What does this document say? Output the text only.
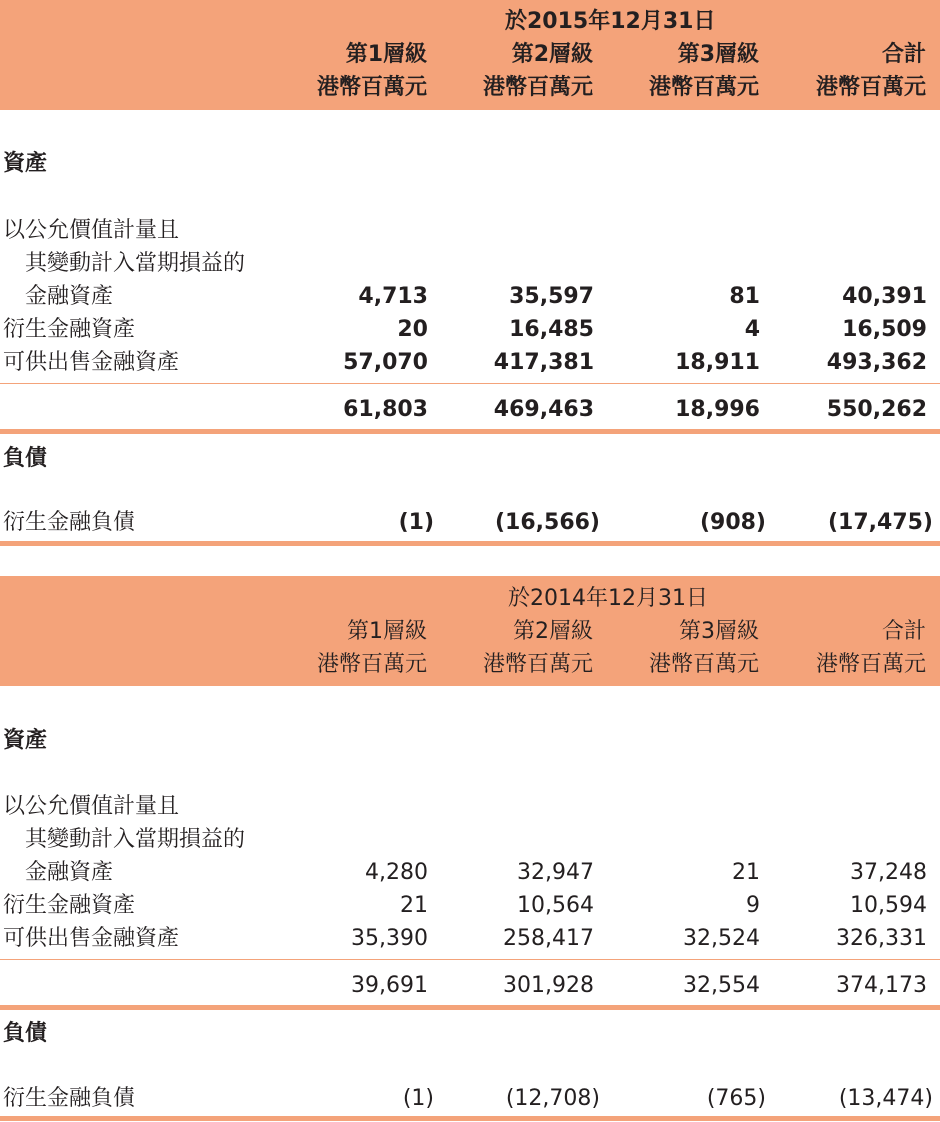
於2015年12月31日
第1層級	第2層級	第3層級	合計
港幣百萬元	港幣百萬元	港幣百萬元	港幣百萬元
資產
以公允價值計量且
其變動計入當期損益的
金融資產	4,713	35,597	81	40,391
衍生金融資產	20	16,485	4	16,509
可供出售金融資產	57,070	417,381	18,911	493,362
61,803	469,463	18,996	550,262
負債
衍生金融負債	(1)	(16,566)	(908)	(17,475)
於2014年12月31日
第1層級	第2層級	第3層級	合計
港幣百萬元	港幣百萬元	港幣百萬元	港幣百萬元
資產
以公允價值計量且
其變動計入當期損益的
金融資產	4,280	32,947	21	37,248
衍生金融資產	21	10,564	9	10,594
可供出售金融資產	35,390	258,417	32,524	326,331
39,691	301,928	32,554	374,173
負債
衍生金融負債	(1)	(12,708)	(765)	(13,474)
